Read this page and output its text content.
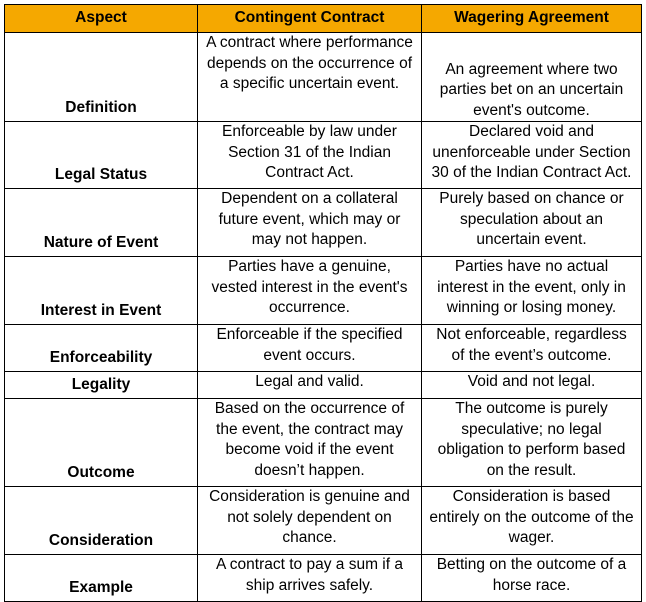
Aspect	Contingent Contract	Wagering Agreement
Definition	A contract where performance depends on the occurrence of a specific uncertain event.	An agreement where two parties bet on an uncertain event's outcome.
Legal Status	Enforceable by law under Section 31 of the Indian Contract Act.	Declared void and unenforceable under Section 30 of the Indian Contract Act.
Nature of Event	Dependent on a collateral future event, which may or may not happen.	Purely based on chance or speculation about an uncertain event.
Interest in Event	Parties have a genuine, vested interest in the event's occurrence.	Parties have no actual interest in the event, only in winning or losing money.
Enforceability	Enforceable if the specified event occurs.	Not enforceable, regardless of the event’s outcome.
Legality	Legal and valid.	Void and not legal.
Outcome	Based on the occurrence of the event, the contract may become void if the event doesn’t happen.	The outcome is purely speculative; no legal obligation to perform based on the result.
Consideration	Consideration is genuine and not solely dependent on chance.	Consideration is based entirely on the outcome of the wager.
Example	A contract to pay a sum if a ship arrives safely.	Betting on the outcome of a horse race.
